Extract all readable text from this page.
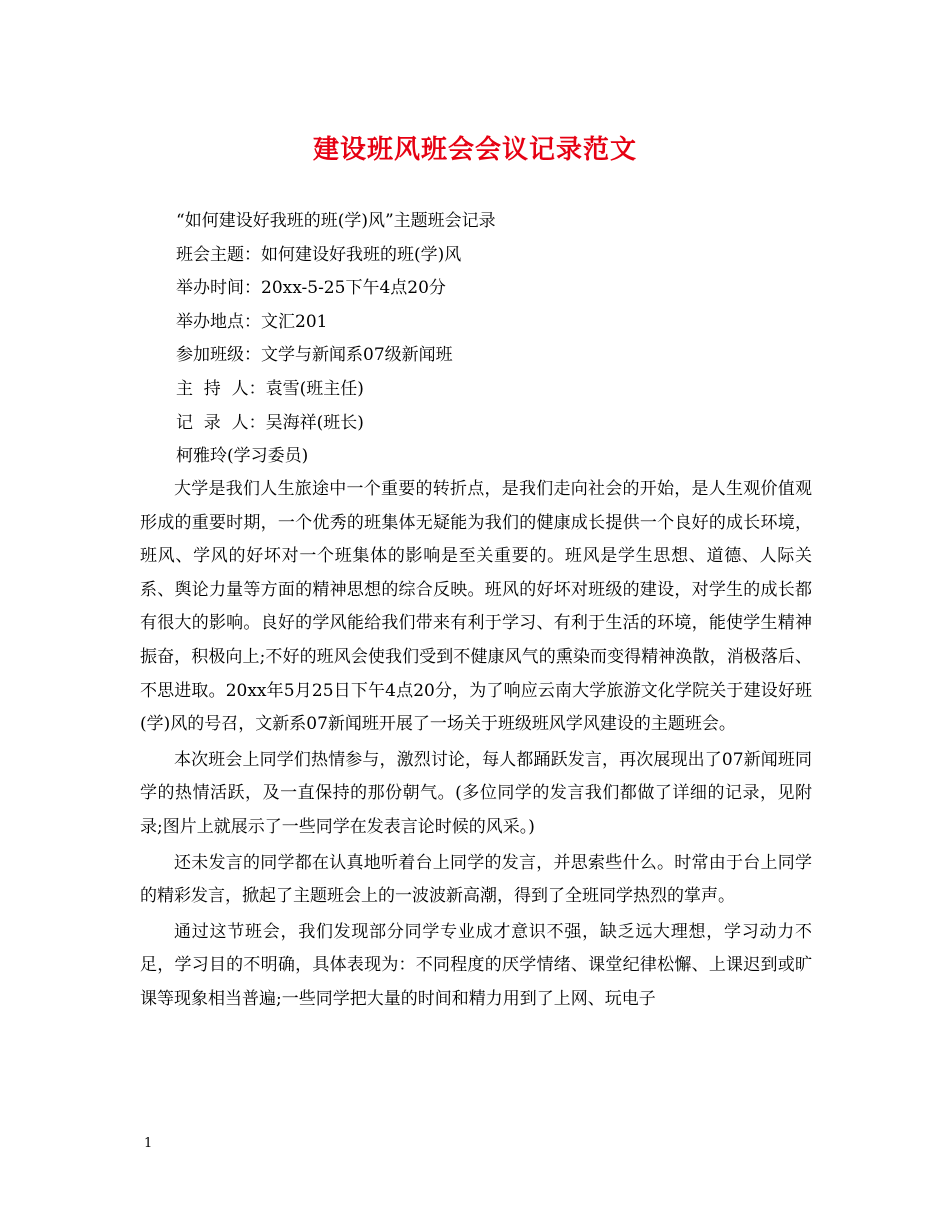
建设班风班会会议记录范文
“如何建设好我班的班(学)风”主题班会记录
班会主题：如何建设好我班的班(学)风
举办时间：20xx-5-25下午4点20分
举办地点：文汇201
参加班级：文学与新闻系07级新闻班
主  持  人：袁雪(班主任)
记  录  人：吴海祥(班长)
柯雅玲(学习委员)

大学是我们人生旅途中一个重要的转折点，是我们走向社会的开始，是人生观价值观形成的重要时期，一个优秀的班集体无疑能为我们的健康成长提供一个良好的成长环境，班风、学风的好坏对一个班集体的影响是至关重要的。班风是学生思想、道德、人际关系、舆论力量等方面的精神思想的综合反映。班风的好坏对班级的建设，对学生的成长都有很大的影响。良好的学风能给我们带来有利于学习、有利于生活的环境，能使学生精神振奋，积极向上;不好的班风会使我们受到不健康风气的熏染而变得精神涣散，消极落后、不思进取。20xx年5月25日下午4点20分，为了响应云南大学旅游文化学院关于建设好班(学)风的号召，文新系07新闻班开展了一场关于班级班风学风建设的主题班会。

本次班会上同学们热情参与，激烈讨论，每人都踊跃发言，再次展现出了07新闻班同学的热情活跃，及一直保持的那份朝气。(多位同学的发言我们都做了详细的记录，见附录;图片上就展示了一些同学在发表言论时候的风采。)

还未发言的同学都在认真地听着台上同学的发言，并思索些什么。时常由于台上同学的精彩发言，掀起了主题班会上的一波波新高潮，得到了全班同学热烈的掌声。

通过这节班会，我们发现部分同学专业成才意识不强，缺乏远大理想，学习动力不足，学习目的不明确，具体表现为：不同程度的厌学情绪、课堂纪律松懈、上课迟到或旷课等现象相当普遍;一些同学把大量的时间和精力用到了上网、玩电子

1
